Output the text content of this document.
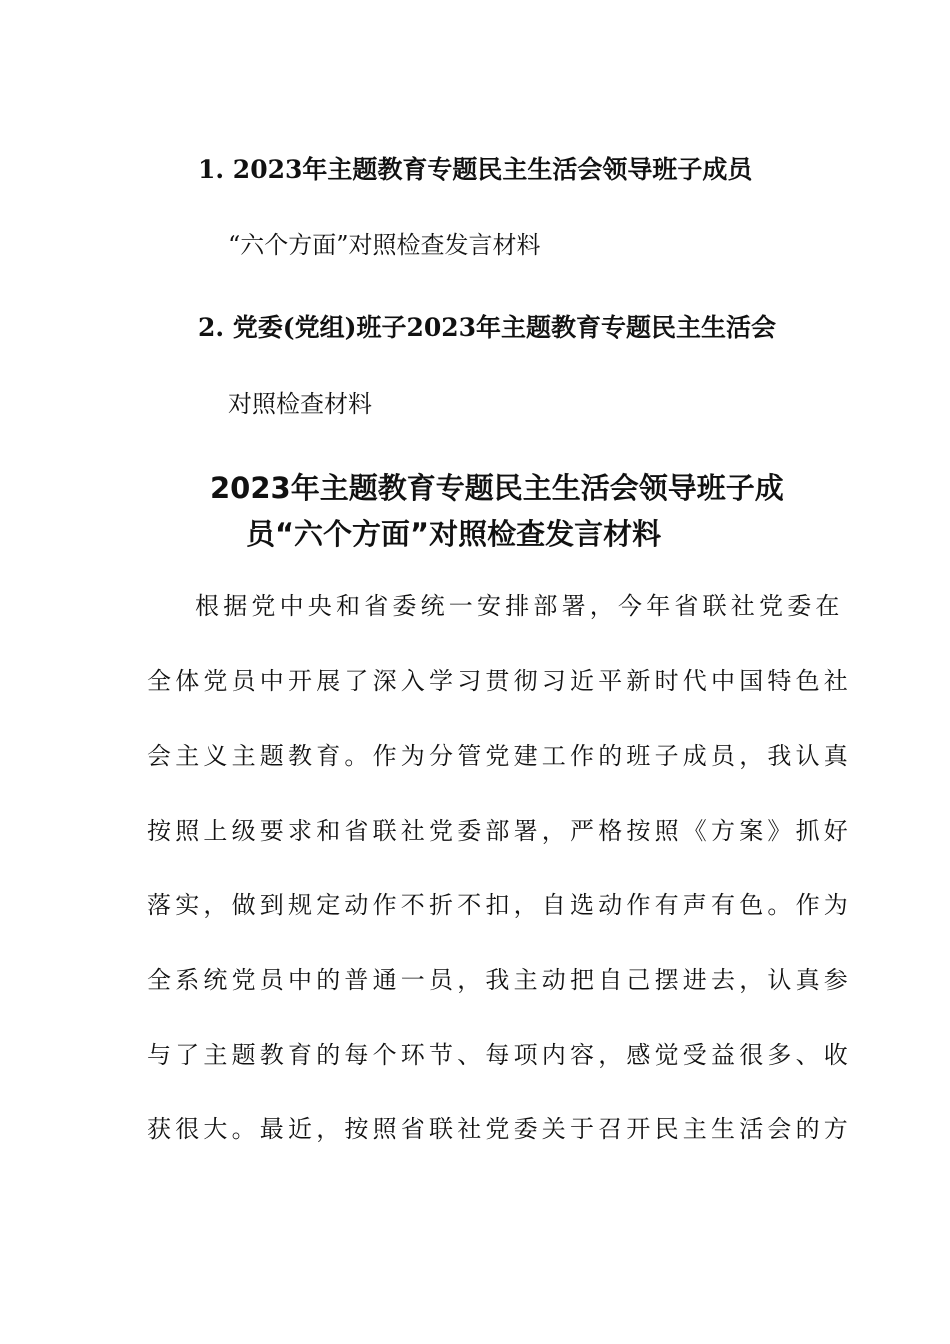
1. 2023年主题教育专题民主生活会领导班子成员

“六个方面”对照检查发言材料

2. 党委(党组)班子2023年主题教育专题民主生活会

对照检查材料

2023年主题教育专题民主生活会领导班子成

员“六个方面”对照检查发言材料

根据党中央和省委统一安排部署，今年省联社党委在

全体党员中开展了深入学习贯彻习近平新时代中国特色社

会主义主题教育。作为分管党建工作的班子成员，我认真

按照上级要求和省联社党委部署，严格按照《方案》抓好

落实，做到规定动作不折不扣，自选动作有声有色。作为

全系统党员中的普通一员，我主动把自己摆进去，认真参

与了主题教育的每个环节、每项内容，感觉受益很多、收

获很大。最近，按照省联社党委关于召开民主生活会的方
